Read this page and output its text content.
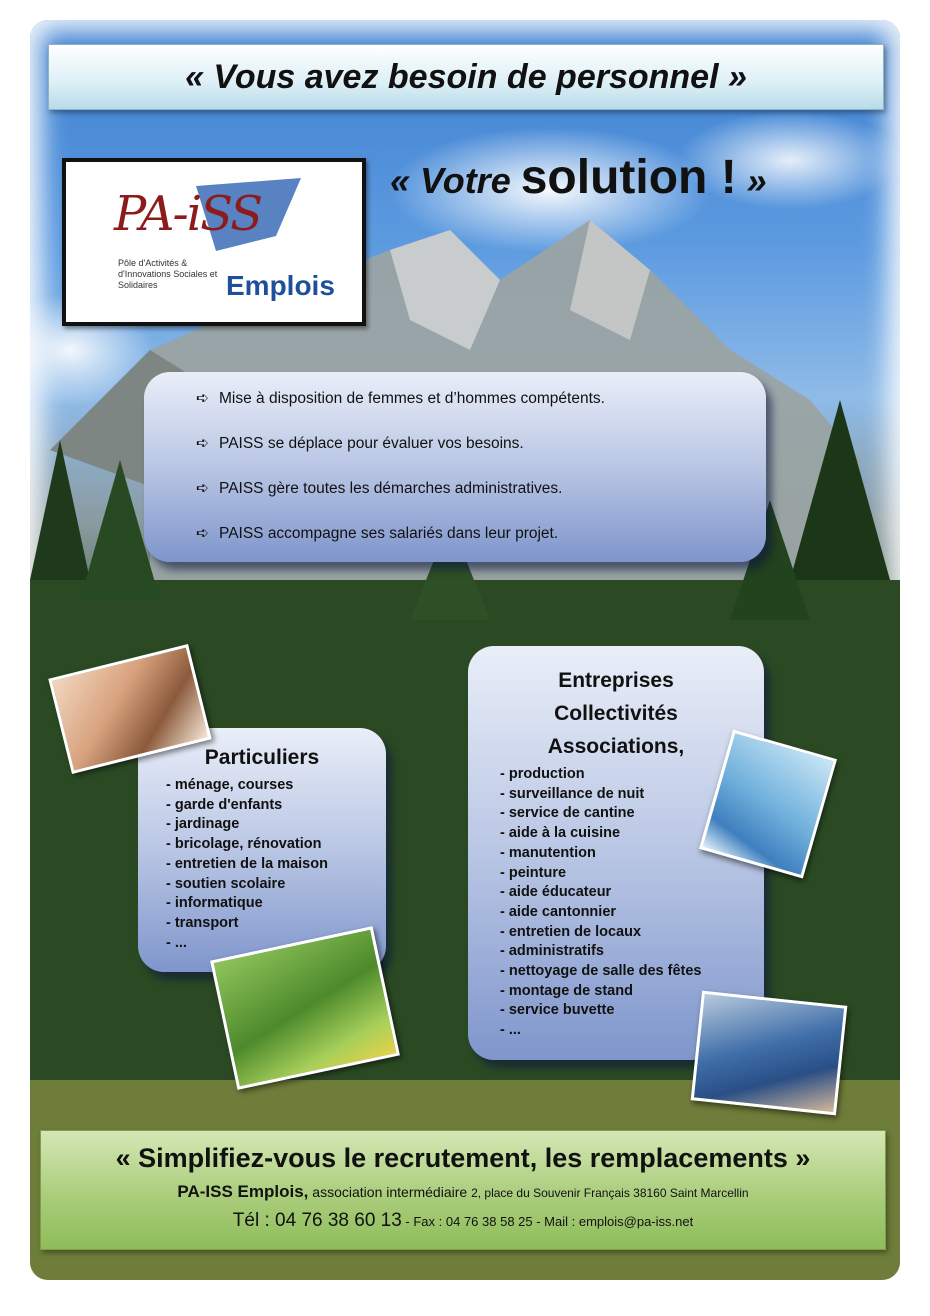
« Vous avez besoin de personnel »
PA-iSS
Pôle d'Activités & d'Innovations Sociales et Solidaires	Emplois
« Votre solution ! »
➪ Mise à disposition de femmes et d’hommes compétents.
➪ PAISS se déplace pour évaluer vos besoins.
➪ PAISS gère toutes les démarches administratives.
➪ PAISS accompagne ses salariés dans leur projet.
Particuliers
- ménage, courses
- garde d'enfants
- jardinage
- bricolage, rénovation
- entretien de la maison
- soutien scolaire
- informatique
- transport
- ...
Entreprises
Collectivités
Associations,
- production
- surveillance de nuit
- service de cantine
- aide à la cuisine
- manutention
- peinture
- aide éducateur
- aide cantonnier
- entretien de locaux
- administratifs
- nettoyage de salle des fêtes
- montage de stand
- service buvette
- ...
« Simplifiez-vous le recrutement, les remplacements »
PA-ISS Emplois, association intermédiaire 2, place du Souvenir Français 38160 Saint Marcellin
Tél : 04 76 38 60 13 - Fax : 04 76 38 58 25 - Mail : emplois@pa-iss.net
